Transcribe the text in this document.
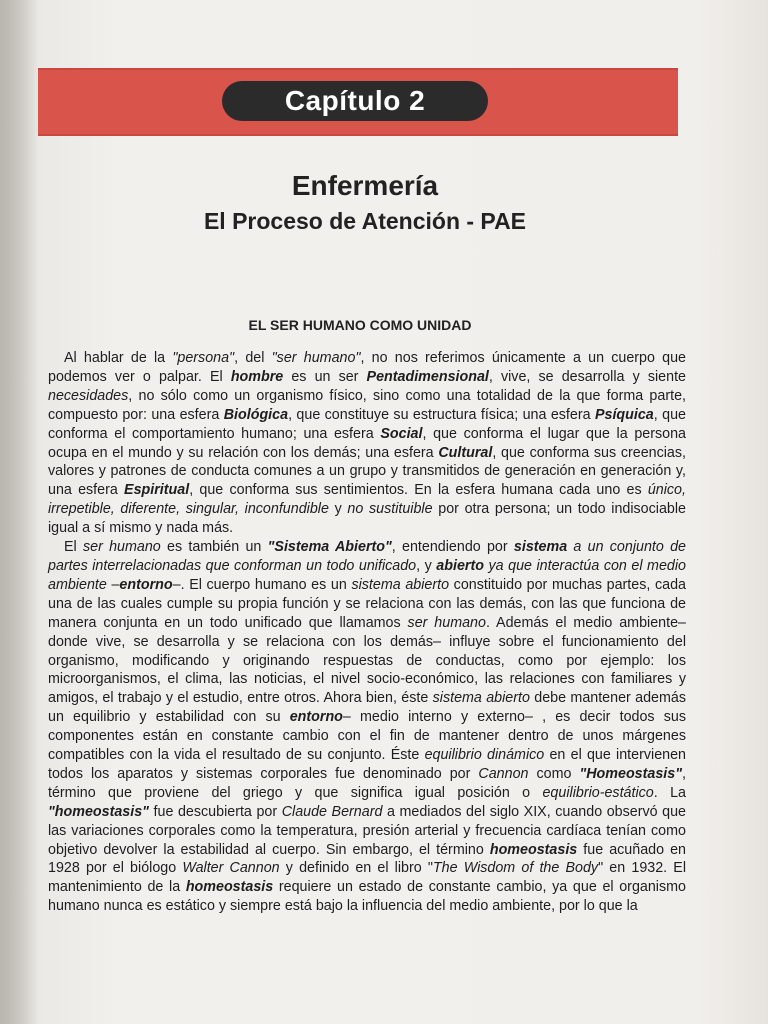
Capítulo 2
Enfermería
El Proceso de Atención - PAE
EL SER HUMANO COMO UNIDAD

Al hablar de la "persona", del "ser humano", no nos referimos únicamente a un cuerpo que podemos ver o palpar. El hombre es un ser Pentadimensional, vive, se desarrolla y siente necesidades, no sólo como un organismo físico, sino como una totalidad de la que forma parte, compuesto por: una esfera Biológica, que constituye su estructura física; una esfera Psíquica, que conforma el comportamiento humano; una esfera Social, que conforma el lugar que la persona ocupa en el mundo y su relación con los demás; una esfera Cultural, que conforma sus creencias, valores y patrones de conducta comunes a un grupo y transmitidos de generación en generación y, una esfera Espiritual, que conforma sus sentimientos. En la esfera humana cada uno es único, irrepetible, diferente, singular, inconfundible y no sustituible por otra persona; un todo indisociable igual a sí mismo y nada más.

El ser humano es también un "Sistema Abierto", entendiendo por sistema a un conjunto de partes interrelacionadas que conforman un todo unificado, y abierto ya que interactúa con el medio ambiente –entorno–. El cuerpo humano es un sistema abierto constituido por muchas partes, cada una de las cuales cumple su propia función y se relaciona con las demás, con las que funciona de manera conjunta en un todo unificado que llamamos ser humano. Además el medio ambiente– donde vive, se desarrolla y se relaciona con los demás– influye sobre el funcionamiento del organismo, modificando y originando respuestas de conductas, como por ejemplo: los microorganismos, el clima, las noticias, el nivel socio-económico, las relaciones con familiares y amigos, el trabajo y el estudio, entre otros. Ahora bien, éste sistema abierto debe mantener además un equilibrio y estabilidad con su entorno– medio interno y externo– , es decir todos sus componentes están en constante cambio con el fin de mantener dentro de unos márgenes compatibles con la vida el resultado de su conjunto. Éste equilibrio dinámico en el que intervienen todos los aparatos y sistemas corporales fue denominado por Cannon como "Homeostasis", término que proviene del griego y que significa igual posición o equilibrio-estático. La "homeostasis" fue descubierta por Claude Bernard a mediados del siglo XIX, cuando observó que las variaciones corporales como la temperatura, presión arterial y frecuencia cardíaca tenían como objetivo devolver la estabilidad al cuerpo. Sin embargo, el término homeostasis fue acuñado en 1928 por el biólogo Walter Cannon y definido en el libro "The Wisdom of the Body" en 1932. El mantenimiento de la homeostasis requiere un estado de constante cambio, ya que el organismo humano nunca es estático y siempre está bajo la influencia del medio ambiente, por lo que la
